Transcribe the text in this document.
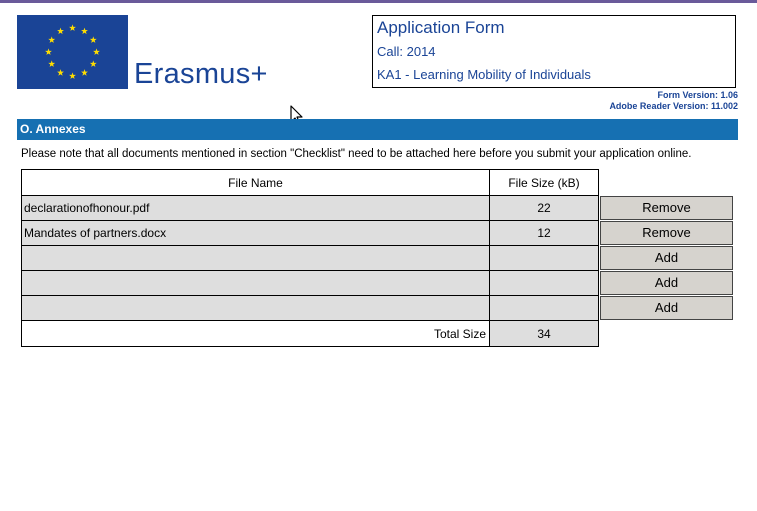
Erasmus+
Application Form
Call: 2014
KA1 - Learning Mobility of Individuals
Form Version: 1.06
Adobe Reader Version: 11.002
O. Annexes
Please note that all documents mentioned in section "Checklist" need to be attached here before you submit your application online.
File Name	File Size (kB)	
declarationofhonour.pdf	22	Remove

Mandates of partners.docx	12	Remove

		Add

		Add

		Add

Total Size	34	
